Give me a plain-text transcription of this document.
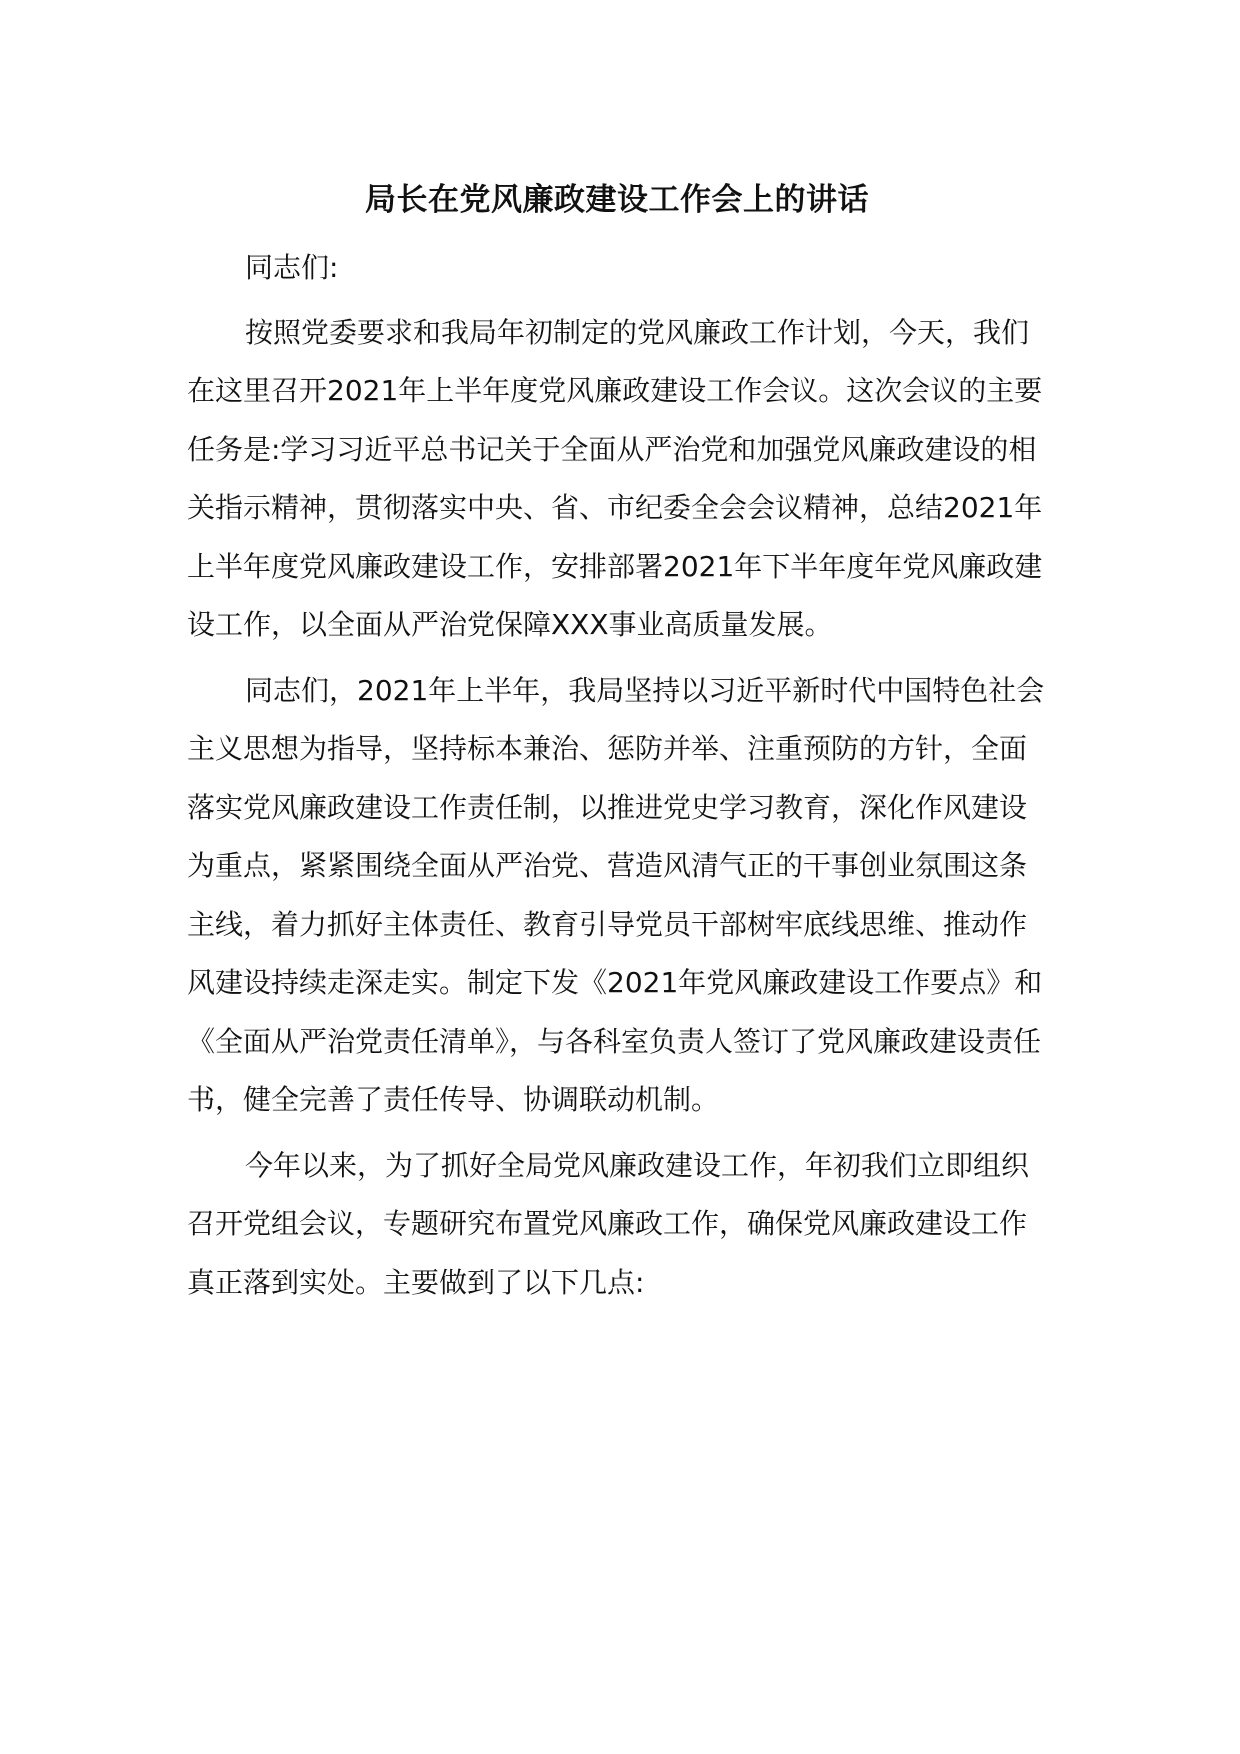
局长在党风廉政建设工作会上的讲话

同志们:

按照党委要求和我局年初制定的党风廉政工作计划，今天，我们在这里召开2021年上半年度党风廉政建设工作会议。这次会议的主要任务是:学习习近平总书记关于全面从严治党和加强党风廉政建设的相关指示精神，贯彻落实中央、省、市纪委全会会议精神，总结2021年上半年度党风廉政建设工作，安排部署2021年下半年度年党风廉政建设工作，以全面从严治党保障XXX事业高质量发展。

同志们，2021年上半年，我局坚持以习近平新时代中国特色社会主义思想为指导，坚持标本兼治、惩防并举、注重预防的方针，全面落实党风廉政建设工作责任制，以推进党史学习教育，深化作风建设为重点，紧紧围绕全面从严治党、营造风清气正的干事创业氛围这条主线，着力抓好主体责任、教育引导党员干部树牢底线思维、推动作风建设持续走深走实。制定下发《2021年党风廉政建设工作要点》和《全面从严治党责任清单》，与各科室负责人签订了党风廉政建设责任书，健全完善了责任传导、协调联动机制。

今年以来，为了抓好全局党风廉政建设工作，年初我们立即组织召开党组会议，专题研究布置党风廉政工作，确保党风廉政建设工作真正落到实处。主要做到了以下几点:
